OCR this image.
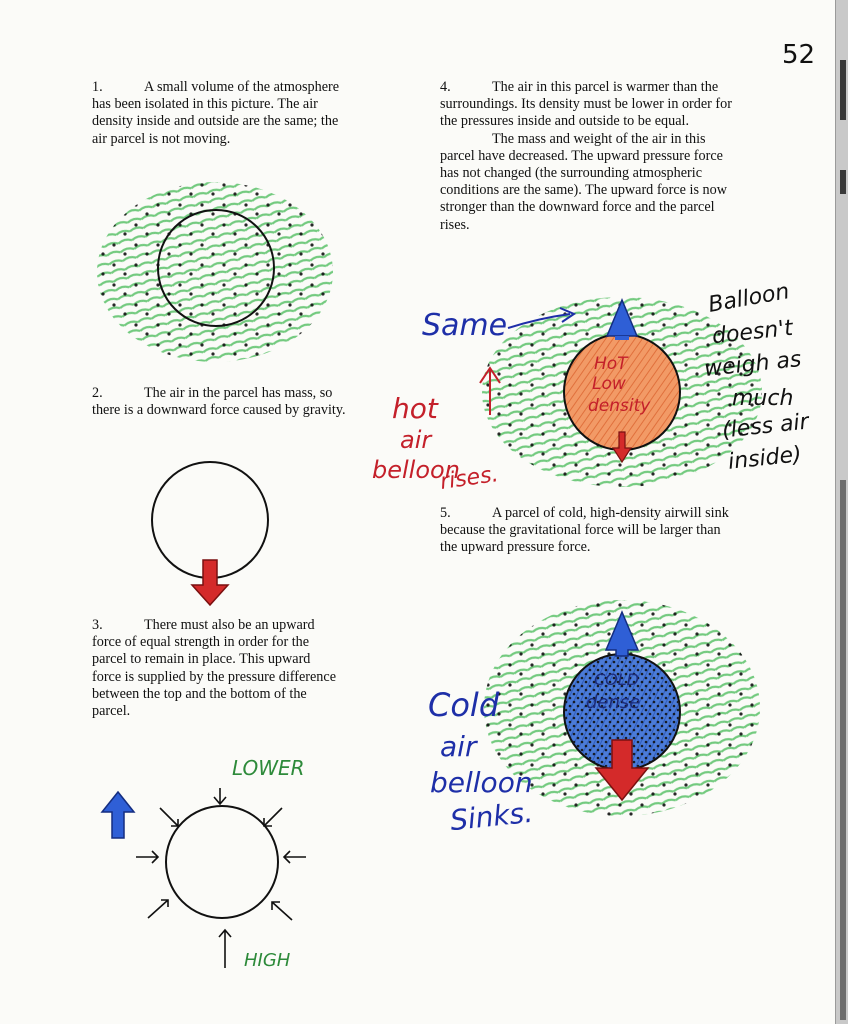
52

1.	A small volume of the atmosphere has been isolated in this picture. The air density inside and outside are the same; the air parcel is not moving.

2.	The air in the parcel has mass, so there is a downward force caused by gravity.

3.	There must also be an upward force of equal strength in order for the parcel to remain in place. This upward force is supplied by the pressure difference between the top and the bottom of the parcel.

4.	The air in this parcel is warmer than the surroundings. Its density must be lower in order for the pressures inside and outside to be equal.

The mass and weight of the air in this parcel have decreased. The upward pressure force has not changed (the surrounding atmospheric conditions are the same). The upward force is now stronger than the downward force and the parcel rises.

5.	A parcel of cold, high-density airwill sink because the gravitational force will be larger than the upward pressure force.

LOWER
HIGH
Same
hot
air
belloon
rises.
HoT
Low
density
Balloon
doesn't
weigh as
much
(less air
inside)
COLD
dense
Cold
air
belloon
Sinks.
